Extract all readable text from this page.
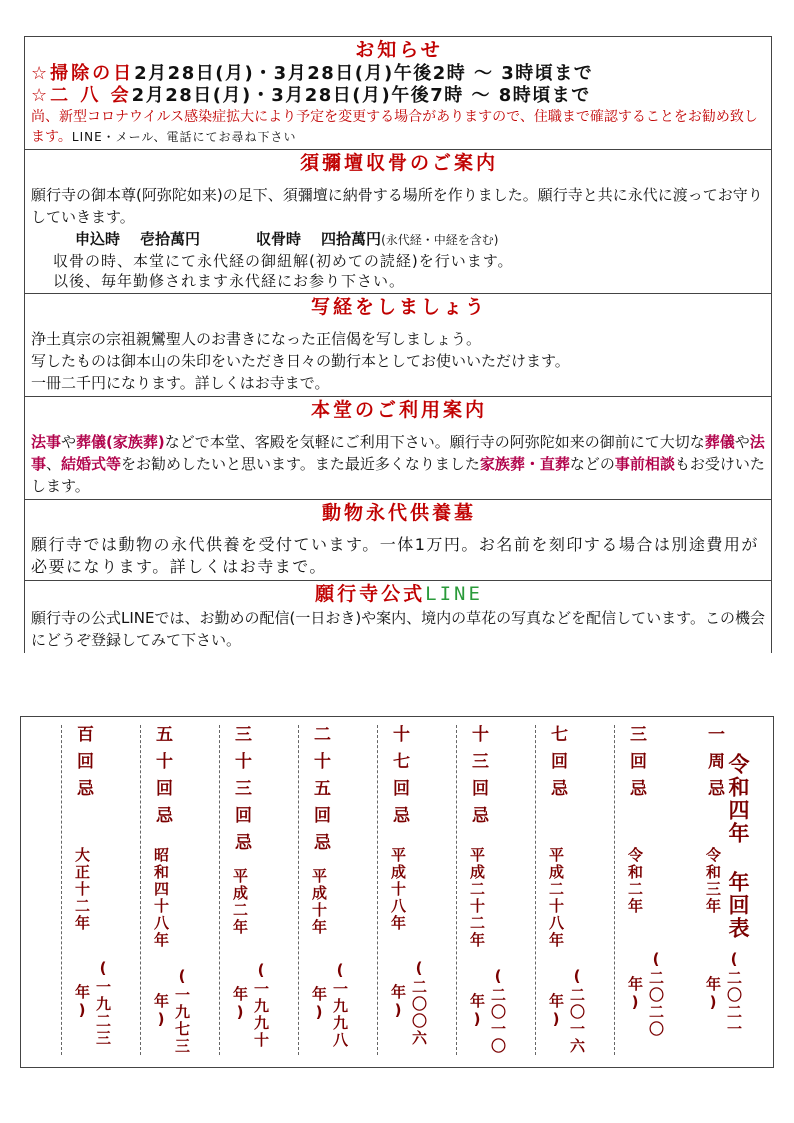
お知らせ
☆掃除の日2月28日(月)・3月28日(月)午後2時 〜 3時頃まで
☆二 八 会2月28日(月)・3月28日(月)午後7時 〜 8時頃まで
尚、新型コロナウイルス感染症拡大により予定を変更する場合がありますので、住職まで確認することをお勧め致します。LINE・メール、電話にてお尋ね下さい
須彌壇収骨のご案内
願行寺の御本尊(阿弥陀如来)の足下、須彌壇に納骨する場所を作りました。願行寺と共に永代に渡ってお守りしていきます。
申込時 壱拾萬円	収骨時 四拾萬円(永代経・中経を含む)
収骨の時、本堂にて永代経の御紐解(初めての読経)を行います。
以後、毎年勤修されます永代経にお参り下さい。
写経をしましょう
浄土真宗の宗祖親鸞聖人のお書きになった正信偈を写しましょう。
写したものは御本山の朱印をいただき日々の勤行本としてお使いいただけます。
一冊二千円になります。詳しくはお寺まで。
本堂のご利用案内
法事や葬儀(家族葬)などで本堂、客殿を気軽にご利用下さい。願行寺の阿弥陀如来の御前にて大切な葬儀や法事、結婚式等をお勧めしたいと思います。また最近多くなりました家族葬・直葬などの事前相談もお受けいたします。
動物永代供養墓
願行寺では動物の永代供養を受付ています。一体1万円。お名前を刻印する場合は別途費用が必要になります。詳しくはお寺まで。
願行寺公式LINE
願行寺の公式LINEでは、お勤めの配信(一日おき)や案内、境内の草花の写真などを配信しています。この機会にどうぞ登録してみて下さい。
一周忌
令和三年
(二〇二一年)
三回忌
令和二年
(二〇二〇年)
七回忌
平成二十八年
(二〇一六年)
十三回忌
平成二十二年
(二〇一〇年)
十七回忌
平成十八年
(二〇〇六年)
二十五回忌
平成十年
(一九九八年)
三十三回忌
平成二年
(一九九十年)
五十回忌
昭和四十八年
(一九七三年)
百回忌
大正十二年
(一九二三年)
令和四年 年回表
